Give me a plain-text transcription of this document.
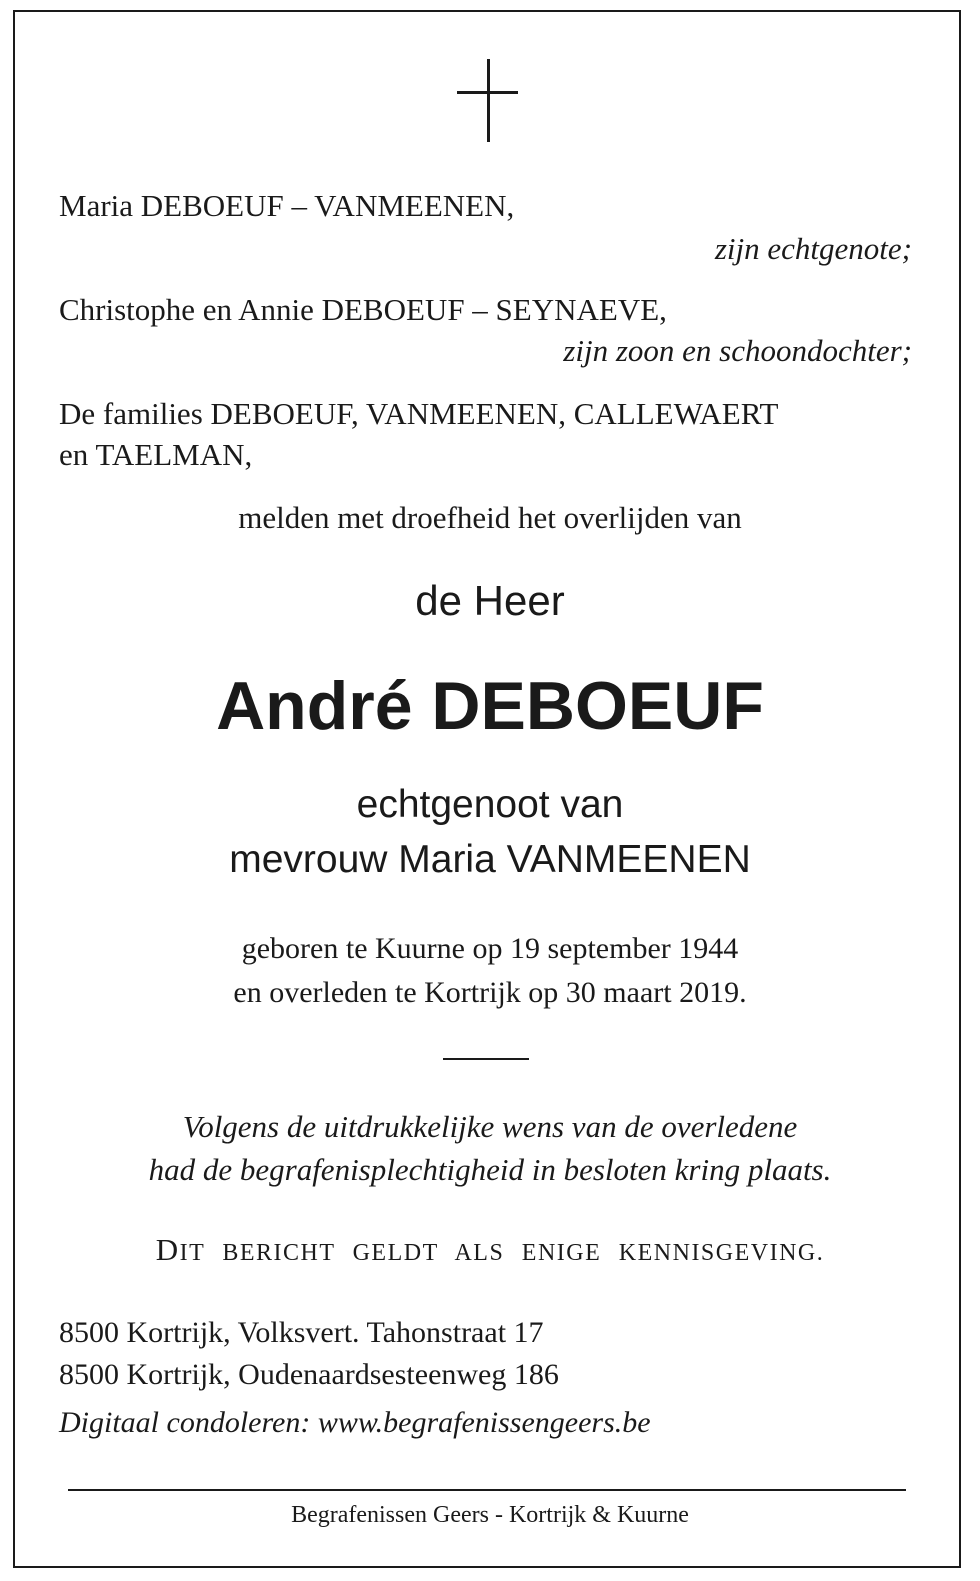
Maria DEBOEUF – VANMEENEN,
zijn echtgenote;
Christophe en Annie DEBOEUF – SEYNAEVE,
zijn zoon en schoondochter;
De families DEBOEUF, VANMEENEN, CALLEWAERT
en TAELMAN,
melden met droefheid het overlijden van
de Heer
André DEBOEUF
echtgenoot van
mevrouw Maria VANMEENEN
geboren te Kuurne op 19 september 1944
en overleden te Kortrijk op 30 maart 2019.
Volgens de uitdrukkelijke wens van de overledene
had de begrafenisplechtigheid in besloten kring plaats.
DIT BERICHT GELDT ALS ENIGE KENNISGEVING.
8500 Kortrijk, Volksvert. Tahonstraat 17
8500 Kortrijk, Oudenaardsesteenweg 186
Digitaal condoleren: www.begrafenissengeers.be
Begrafenissen Geers - Kortrijk & Kuurne
